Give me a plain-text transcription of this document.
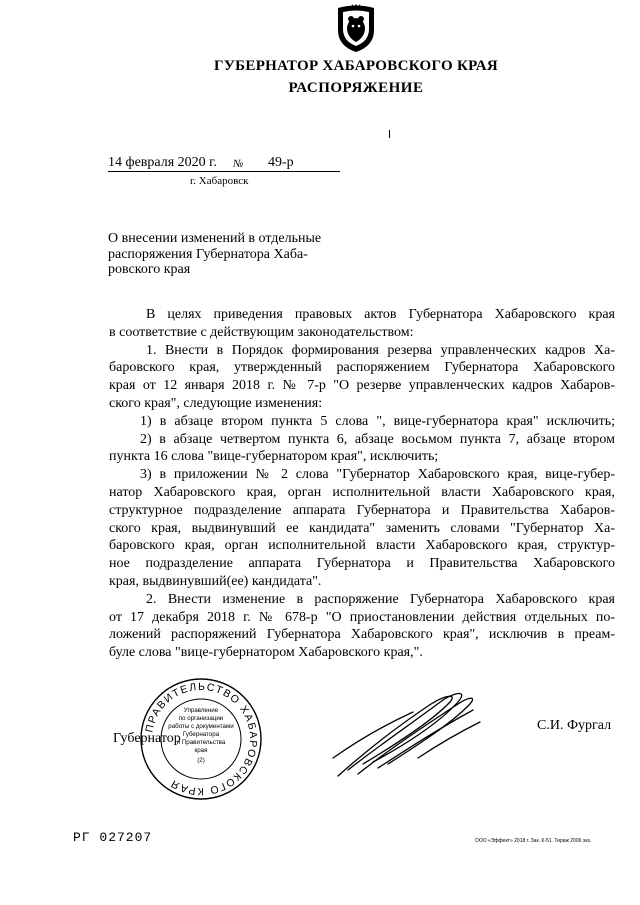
ГУБЕРНАТОР ХАБАРОВСКОГО КРАЯ
РАСПОРЯЖЕНИЕ
14 февраля 2020 г. № 49-р
г. Хабаровск
О внесении изменений в отдельные
распоряжения Губернатора Хаба-
ровского края
В целях приведения правовых актов Губернатора Хабаровского края
в соответствие с действующим законодательством:
1. Внести в Порядок формирования резерва управленческих кадров Ха-
баровского края, утвержденный распоряжением Губернатора Хабаровского
края от 12 января 2018 г. № 7-р "О резерве управленческих кадров Хабаров-
ского края", следующие изменения:
1) в абзаце втором пункта 5 слова ", вице-губернатора края" исключить;
2) в абзаце четвертом пункта 6, абзаце восьмом пункта 7, абзаце втором
пункта 16 слова "вице-губернатором края", исключить;
3) в приложении № 2 слова "Губернатор Хабаровского края, вице-губер-
натор Хабаровского края, орган исполнительной власти Хабаровского края,
структурное подразделение аппарата Губернатора и Правительства Хабаров-
ского края, выдвинувший ее кандидата" заменить словами "Губернатор Ха-
баровского края, орган исполнительной власти Хабаровского края, структур-
ное подразделение аппарата Губернатора и Правительства Хабаровского
края, выдвинувший(ее) кандидата".
2. Внести изменение в распоряжение Губернатора Хабаровского края
от 17 декабря 2018 г. № 678-р "О приостановлении действия отдельных по-
ложений распоряжений Губернатора Хабаровского края", исключив в преам-
буле слова "вице-губернатором Хабаровского края,".
Губернатор
ПРАВИТЕЛЬСТВО ХАБАРОВСКОГО КРАЯ
Управление
по организации
работы с документами
Губернатора
и Правительства
края
(2)
С.И. Фургал
РГ 027207	ООО «Эффект» 2018 г. Зак. К-51. Тираж 2000 экз.
